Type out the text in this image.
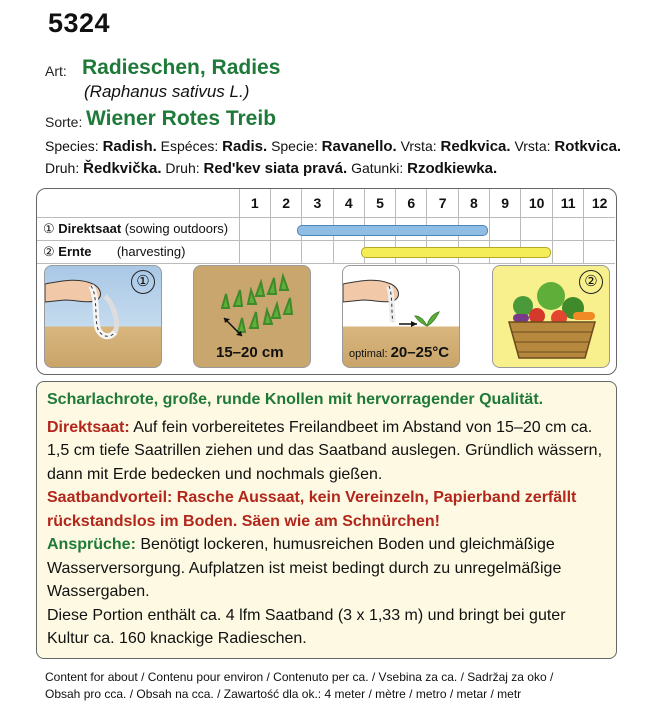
5324
Art: Radieschen, Radies
(Raphanus sativus L.)
Sorte: Wiener Rotes Treib
Species: Radish. Espéces: Radis. Specie: Ravanello. Vrsta: Redkvica. Vrsta: Rotkvica.
Druh: Ředkvička. Druh: Red'kev siata pravá. Gatunki: Rzodkiewka.
	1	2	3	4	5	6	7	8	9	10	11	12
① Direktsaat (sowing outdoors)												
② Ernte (harvesting)												
①
15–20 cm	optimal: 20–25°C
②

Scharlachrote, große, runde Knollen mit hervorragender Qualität.

Direktsaat: Auf fein vorbereitetes Freilandbeet im Abstand von 15–20 cm ca. 1,5 cm tiefe Saatrillen ziehen und das Saatband auslegen. Gründlich wässern, dann mit Erde bedecken und nochmals gießen.

Saatbandvorteil: Rasche Aussaat, kein Vereinzeln, Papierband zerfällt rückstandslos im Boden. Säen wie am Schnürchen!

Ansprüche: Benötigt lockeren, humusreichen Boden und gleichmäßige Wasserversorgung. Aufplatzen ist meist bedingt durch zu unregelmäßige Wassergaben.

Diese Portion enthält ca. 4 lfm Saatband (3 x 1,33 m) und bringt bei guter Kultur ca. 160 knackige Radieschen.

Content for about / Contenu pour environ / Contenuto per ca. / Vsebina za ca. / Sadržaj za oko /
Obsah pro cca. / Obsah na cca. / Zawartość dla ok.: 4 meter / mètre / metro / metar / metr
